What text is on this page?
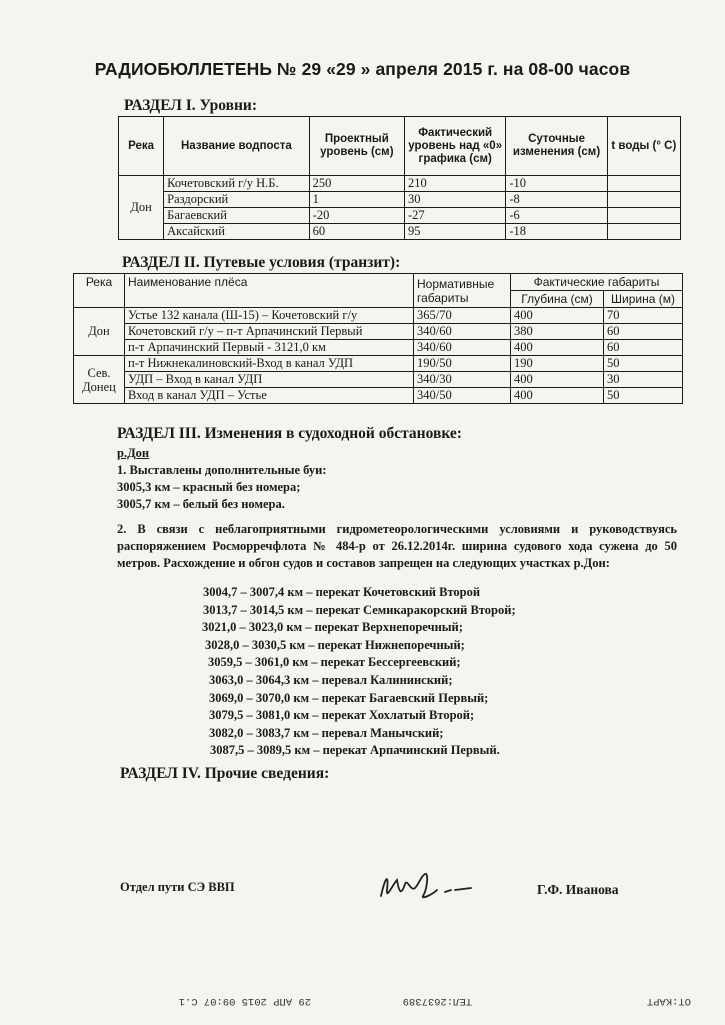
РАДИОБЮЛЛЕТЕНЬ № 29 «29 » апреля 2015 г. на 08-00 часов
РАЗДЕЛ I. Уровни:
Река	Название водпоста	Проектный уровень (см)	Фактический уровень над «0» графика (см)	Суточные изменения (см)	t воды (° C)
Дон	Кочетовский г/у Н.Б.	250	210	-10	
	Раздорский	1	30	-8	
	Багаевский	-20	-27	-6	
	Аксайский	60	95	-18	
РАЗДЕЛ II. Путевые условия (транзит):
Река	Наименование плёса	Нормативные габариты	Фактические габариты	
			Глубина (см)	Ширина (м)
Дон	Устье 132 канала (Ш-15) – Кочетовский г/у	365/70	400	70
	Кочетовский г/у – п-т Арпачинский Первый	340/60	380	60
	п-т Арпачинский Первый - 3121,0 км	340/60	400	60
Сев. Донец	п-т Нижнекалиновский-Вход в канал УДП	190/50	190	50
	УДП – Вход в канал УДП	340/30	400	30
	Вход в канал УДП – Устье	340/50	400	50
РАЗДЕЛ III. Изменения в судоходной обстановке:
р.Дон
1. Выставлены дополнительные буи:
3005,3 км – красный без номера;
3005,7 км – белый без номера.
2. В связи с неблагоприятными гидрометеорологическими условиями и руководствуясь распоряжением Росморречфлота № 484-р от 26.12.2014г. ширина судового хода сужена до 50 метров. Расхождение и обгон судов и составов запрещен на следующих участках р.Дон:
3004,7 – 3007,4 км – перекат Кочетовский Второй
3013,7 – 3014,5 км – перекат Семикаракорский Второй;
3021,0 – 3023,0 км – перекат Верхнепоречный;
3028,0 – 3030,5 км – перекат Нижнепоречный;
3059,5 – 3061,0 км – перекат Бессергеевский;
3063,0 – 3064,3 км – перевал Калининский;
3069,0 – 3070,0 км – перекат Багаевский Первый;
3079,5 – 3081,0 км – перекат Хохлатый Второй;
3082,0 – 3083,7 км – перевал Манычский;
3087,5 – 3089,5 км – перекат Арпачинский Первый.
РАЗДЕЛ IV. Прочие сведения:
Отдел пути СЭ ВВП	Г.Ф. Иванова
ОТ:КАРТ
ТЕЛ:2637389
29 АПР 2015 09:07 С.1
